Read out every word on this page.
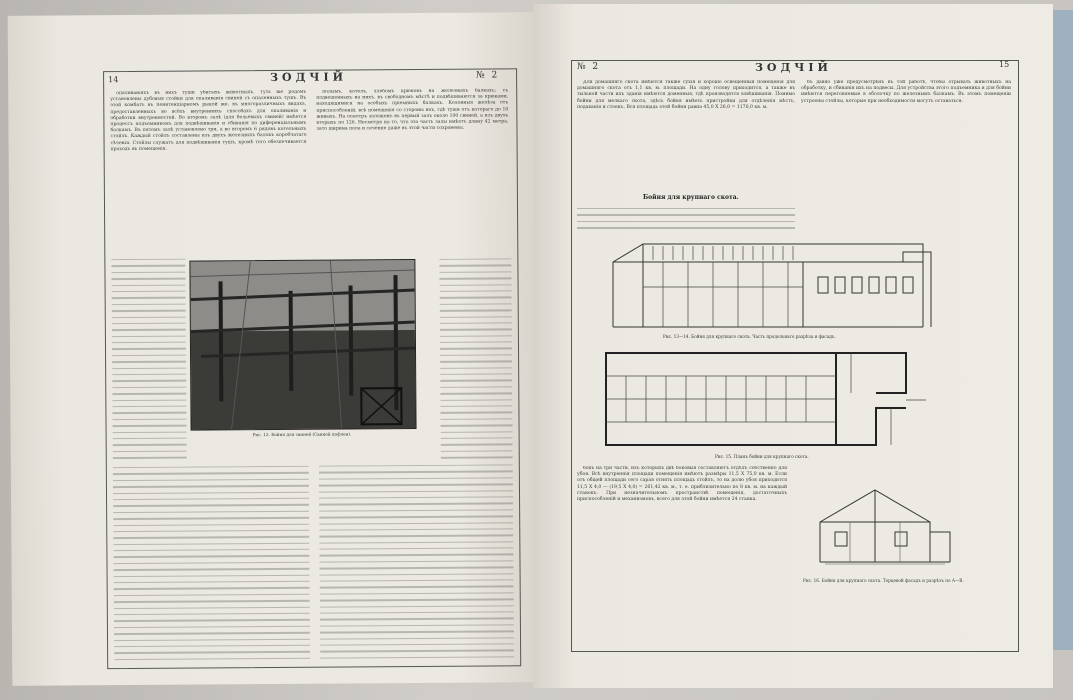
14	ЗОДЧІЙ	№ 2

опаливаніяхъ въ нихъ туши убитыхъ животныхъ. Туть же родомъ установлены дубовыя стойки для опаливанія свиней съ опаленныхъ тушъ. Въ этой комбатъ въ пенитенціарномъ рыкой же, въ многоразличныхъ видахъ, предоставленныхъ во всёхъ внутреннихъ способахъ для опаливанія и обработки внутренностей. Во второмъ залѣ (для бельевыхъ свиней) имѣется процессъ подъемникомъ для подвѣшиванія и сбиванія по диференціальнымъ балкамъ. Въ пятомъ залѣ установлено три, а во второмъ 6 рядовъ котельныхъ стойлъ. Каждый стойлъ составлены изъ двухъ железныхъ балокъ коробчатаго сѣченія. Стойлы служатъ для подвѣшиванія тушъ, кромѣ того обезпечивается проходъ въ помещенія.

полымъ, котелъ, хлебомъ крюковъ на железныхъ балкахъ; съ подвешенныхъ на нихъ, въ свободномъ мѣстѣ и подвѣшиваются за крюками, находящимися на особыхъ пріемныхъ балкахъ. Колонныя желѣза отъ приспособленій, всѣ помещенія со стороны ихъ, гдѣ туши отъ котораго до 10 живыхъ. На осмотръ заложенъ въ первый залъ около 100 свиней, а изъ двухъ вторыхъ по 126. Несмотря на то, что эта часть залы имѣетъ длину 42 метра, зато ширина пола и сечение даже въ этой части сохранены.

Рис. 12. Бойня для свиней (Свиной пофлен).
№ 2	ЗОДЧІЙ	15

Для домашняго скота имѣются также сухія и хорошо освещенныя помещенія для домашняго скота отъ 1,1 кв. м. площади. На одну голову приходится, а также въ тыльной части ихъ зданія имѣются доменныя, гдѣ производятся взвѣшиванія. Помимо бойни для мелкаго скота, здѣсь бойня имѣеть пристройки для отдѣленія мѣстъ, подаванія и стоекъ. Вся площадь этой бойни равна 45,0 X 26,0 = 1170,0 кв. м.

Бойня для крупнаго скота.

бъ давно уже предусмотрѣнъ въ той работѣ, чтобы отрывать животныхъ на обработку, и сбиванія ихъ на подвесы. Для устройства этого подъемника и для бойни имѣются перегоняемые в оболочку по железнымъ балкамъ. Въ этомъ помещеніи устроены стойлы, которые при необходимости могутъ оставаться.

Рис. 13—14. Бойня для крупнаго скота. Часть продольнаго разрѣза и фасадъ.
Рис. 15. Планъ бойни для крупнаго скота.

бокъ на три части, изъ которыхъ двѣ боковыя составляютъ отдѣлъ собственно для убоя. Всѣ внутреннія площади помещенія имѣютъ размѣры 11,5 X 75,0 кв. м. Если отъ общей площади сего сарая отнять площадь стойлъ, то на долю убоя приходится 11,5 X 4,0 — (19,5 X 4,0) = 261,42 кв. м., т. е. приблизительно по 8 кв. м. на каждый станокъ. При незначительномъ пространствѣ помещенія, достаточныхъ приспособленій и механизмовъ, всего для этой бойни имѣется 24 станка.

Рис. 16. Бойня для крупнаго скота. Торцевой фасадъ и разрѣзъ по А—В.
